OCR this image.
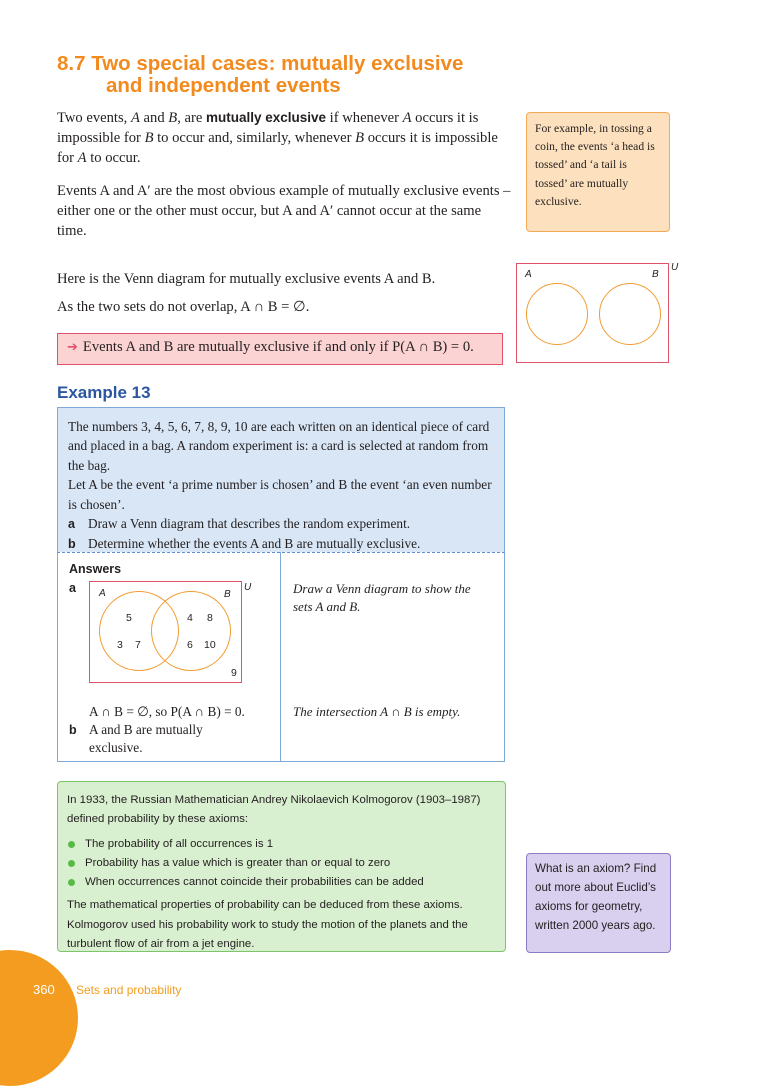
8.7 Two special cases: mutually exclusive
and independent events

Two events, A and B, are mutually exclusive if whenever A occurs it is impossible for B to occur and, similarly, whenever B occurs it is impossible for A to occur.

Events A and A′ are the most obvious example of mutually exclusive events – either one or the other must occur, but A and A′ cannot occur at the same time.

Here is the Venn diagram for mutually exclusive events A and B.

As the two sets do not overlap, A ∩ B = ∅.

For example, in tossing a coin, the events ‘a head is tossed’ and ‘a tail is tossed’ are mutually exclusive.
A	B
U
➔ Events A and B are mutually exclusive if and only if P(A ∩ B) = 0.
Example 13

The numbers 3, 4, 5, 6, 7, 8, 9, 10 are each written on an identical piece of card and placed in a bag. A random experiment is: a card is selected at random from the bag.

Let A be the event ‘a prime number is chosen’ and B the event ‘an even number is chosen’.

a Draw a Venn diagram that describes the random experiment.

b Determine whether the events A and B are mutually exclusive.

Answers
a A	B
5
3 7
4 8
6 10
9
U	Draw a Venn diagram to show the sets A and B.
A ∩ B = ∅, so P(A ∩ B) = 0.
b A and B are mutually exclusive.
The intersection A ∩ B is empty.

In 1933, the Russian Mathematician Andrey Nikolaevich Kolmogorov (1903–1987) defined probability by these axioms:

The probability of all occurrences is 1
Probability has a value which is greater than or equal to zero
When occurrences cannot coincide their probabilities can be added

The mathematical properties of probability can be deduced from these axioms. Kolmogorov used his probability work to study the motion of the planets and the turbulent flow of air from a jet engine.

What is an axiom? Find out more about Euclid’s axioms for geometry, written 2000 years ago.
360 Sets and probability
